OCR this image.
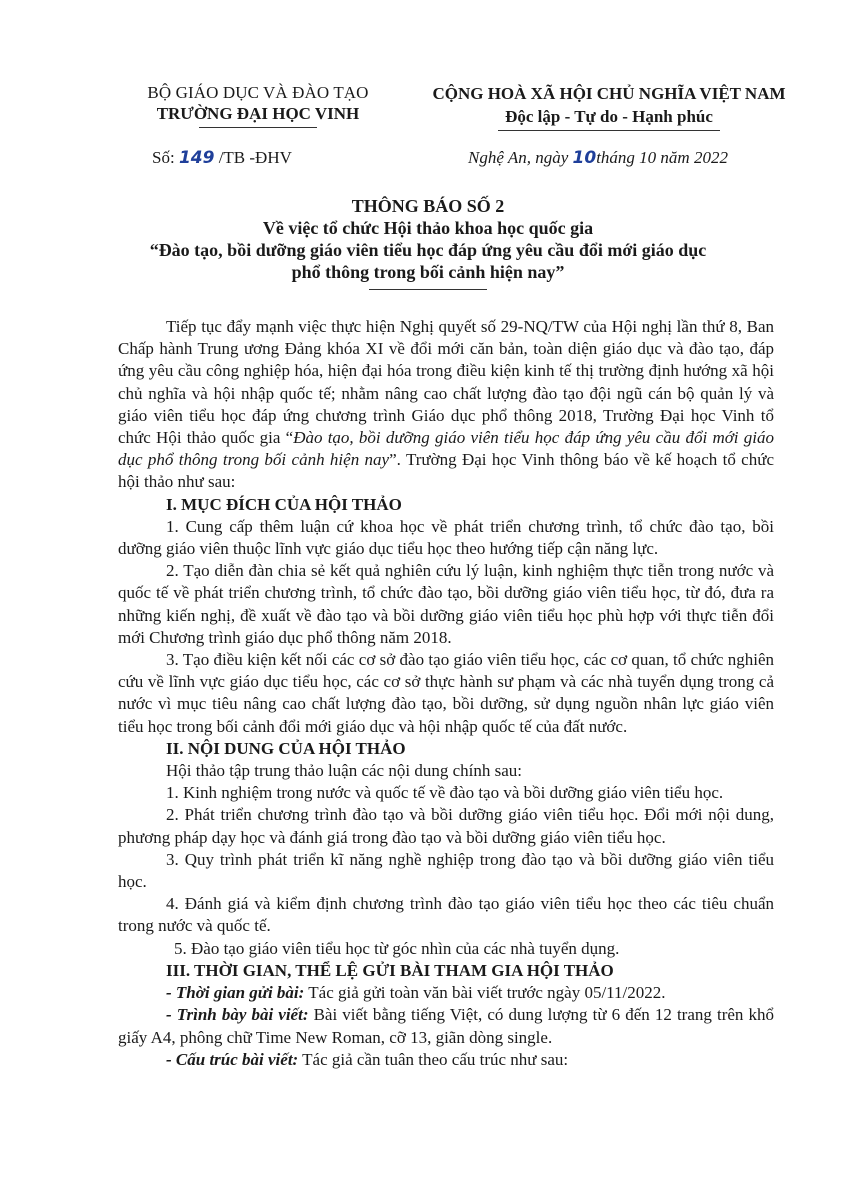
BỘ GIÁO DỤC VÀ ĐÀO TẠO
TRƯỜNG ĐẠI HỌC VINH
CỘNG HOÀ XÃ HỘI CHỦ NGHĨA VIỆT NAM
Độc lập - Tự do - Hạnh phúc
Số: 149 /TB -ĐHV	Nghệ An, ngày 10tháng 10 năm 2022
THÔNG BÁO SỐ 2
Về việc tổ chức Hội thảo khoa học quốc gia
“Đào tạo, bồi dưỡng giáo viên tiểu học đáp ứng yêu cầu đổi mới giáo dục
phổ thông trong bối cảnh hiện nay”

Tiếp tục đẩy mạnh việc thực hiện Nghị quyết số 29-NQ/TW của Hội nghị lần thứ 8, Ban Chấp hành Trung ương Đảng khóa XI về đổi mới căn bản, toàn diện giáo dục và đào tạo, đáp ứng yêu cầu công nghiệp hóa, hiện đại hóa trong điều kiện kinh tế thị trường định hướng xã hội chủ nghĩa và hội nhập quốc tế; nhằm nâng cao chất lượng đào tạo đội ngũ cán bộ quản lý và giáo viên tiểu học đáp ứng chương trình Giáo dục phổ thông 2018, Trường Đại học Vinh tổ chức Hội thảo quốc gia “Đào tạo, bồi dưỡng giáo viên tiểu học đáp ứng yêu cầu đổi mới giáo dục phổ thông trong bối cảnh hiện nay”. Trường Đại học Vinh thông báo về kế hoạch tổ chức hội thảo như sau:

I. MỤC ĐÍCH CỦA HỘI THẢO

1. Cung cấp thêm luận cứ khoa học về phát triển chương trình, tổ chức đào tạo, bồi dưỡng giáo viên thuộc lĩnh vực giáo dục tiểu học theo hướng tiếp cận năng lực.

2. Tạo diễn đàn chia sẻ kết quả nghiên cứu lý luận, kinh nghiệm thực tiễn trong nước và quốc tế về phát triển chương trình, tổ chức đào tạo, bồi dưỡng giáo viên tiểu học, từ đó, đưa ra những kiến nghị, đề xuất về đào tạo và bồi dưỡng giáo viên tiểu học phù hợp với thực tiễn đổi mới Chương trình giáo dục phổ thông năm 2018.

3. Tạo điều kiện kết nối các cơ sở đào tạo giáo viên tiểu học, các cơ quan, tổ chức nghiên cứu về lĩnh vực giáo dục tiểu học, các cơ sở thực hành sư phạm và các nhà tuyển dụng trong cả nước vì mục tiêu nâng cao chất lượng đào tạo, bồi dưỡng, sử dụng nguồn nhân lực giáo viên tiểu học trong bối cảnh đổi mới giáo dục và hội nhập quốc tế của đất nước.

II. NỘI DUNG CỦA HỘI THẢO

Hội thảo tập trung thảo luận các nội dung chính sau:

1. Kinh nghiệm trong nước và quốc tế về đào tạo và bồi dưỡng giáo viên tiểu học.

2. Phát triển chương trình đào tạo và bồi dưỡng giáo viên tiểu học. Đổi mới nội dung, phương pháp dạy học và đánh giá trong đào tạo và bồi dưỡng giáo viên tiểu học.

3. Quy trình phát triển kĩ năng nghề nghiệp trong đào tạo và bồi dưỡng giáo viên tiểu học.

4. Đánh giá và kiểm định chương trình đào tạo giáo viên tiểu học theo các tiêu chuẩn trong nước và quốc tế.

5. Đào tạo giáo viên tiểu học từ góc nhìn của các nhà tuyển dụng.

III. THỜI GIAN, THỂ LỆ GỬI BÀI THAM GIA HỘI THẢO

- Thời gian gửi bài: Tác giả gửi toàn văn bài viết trước ngày 05/11/2022.

- Trình bày bài viết: Bài viết bằng tiếng Việt, có dung lượng từ 6 đến 12 trang trên khổ giấy A4, phông chữ Time New Roman, cỡ 13, giãn dòng single.

- Cấu trúc bài viết: Tác giả cần tuân theo cấu trúc như sau:
